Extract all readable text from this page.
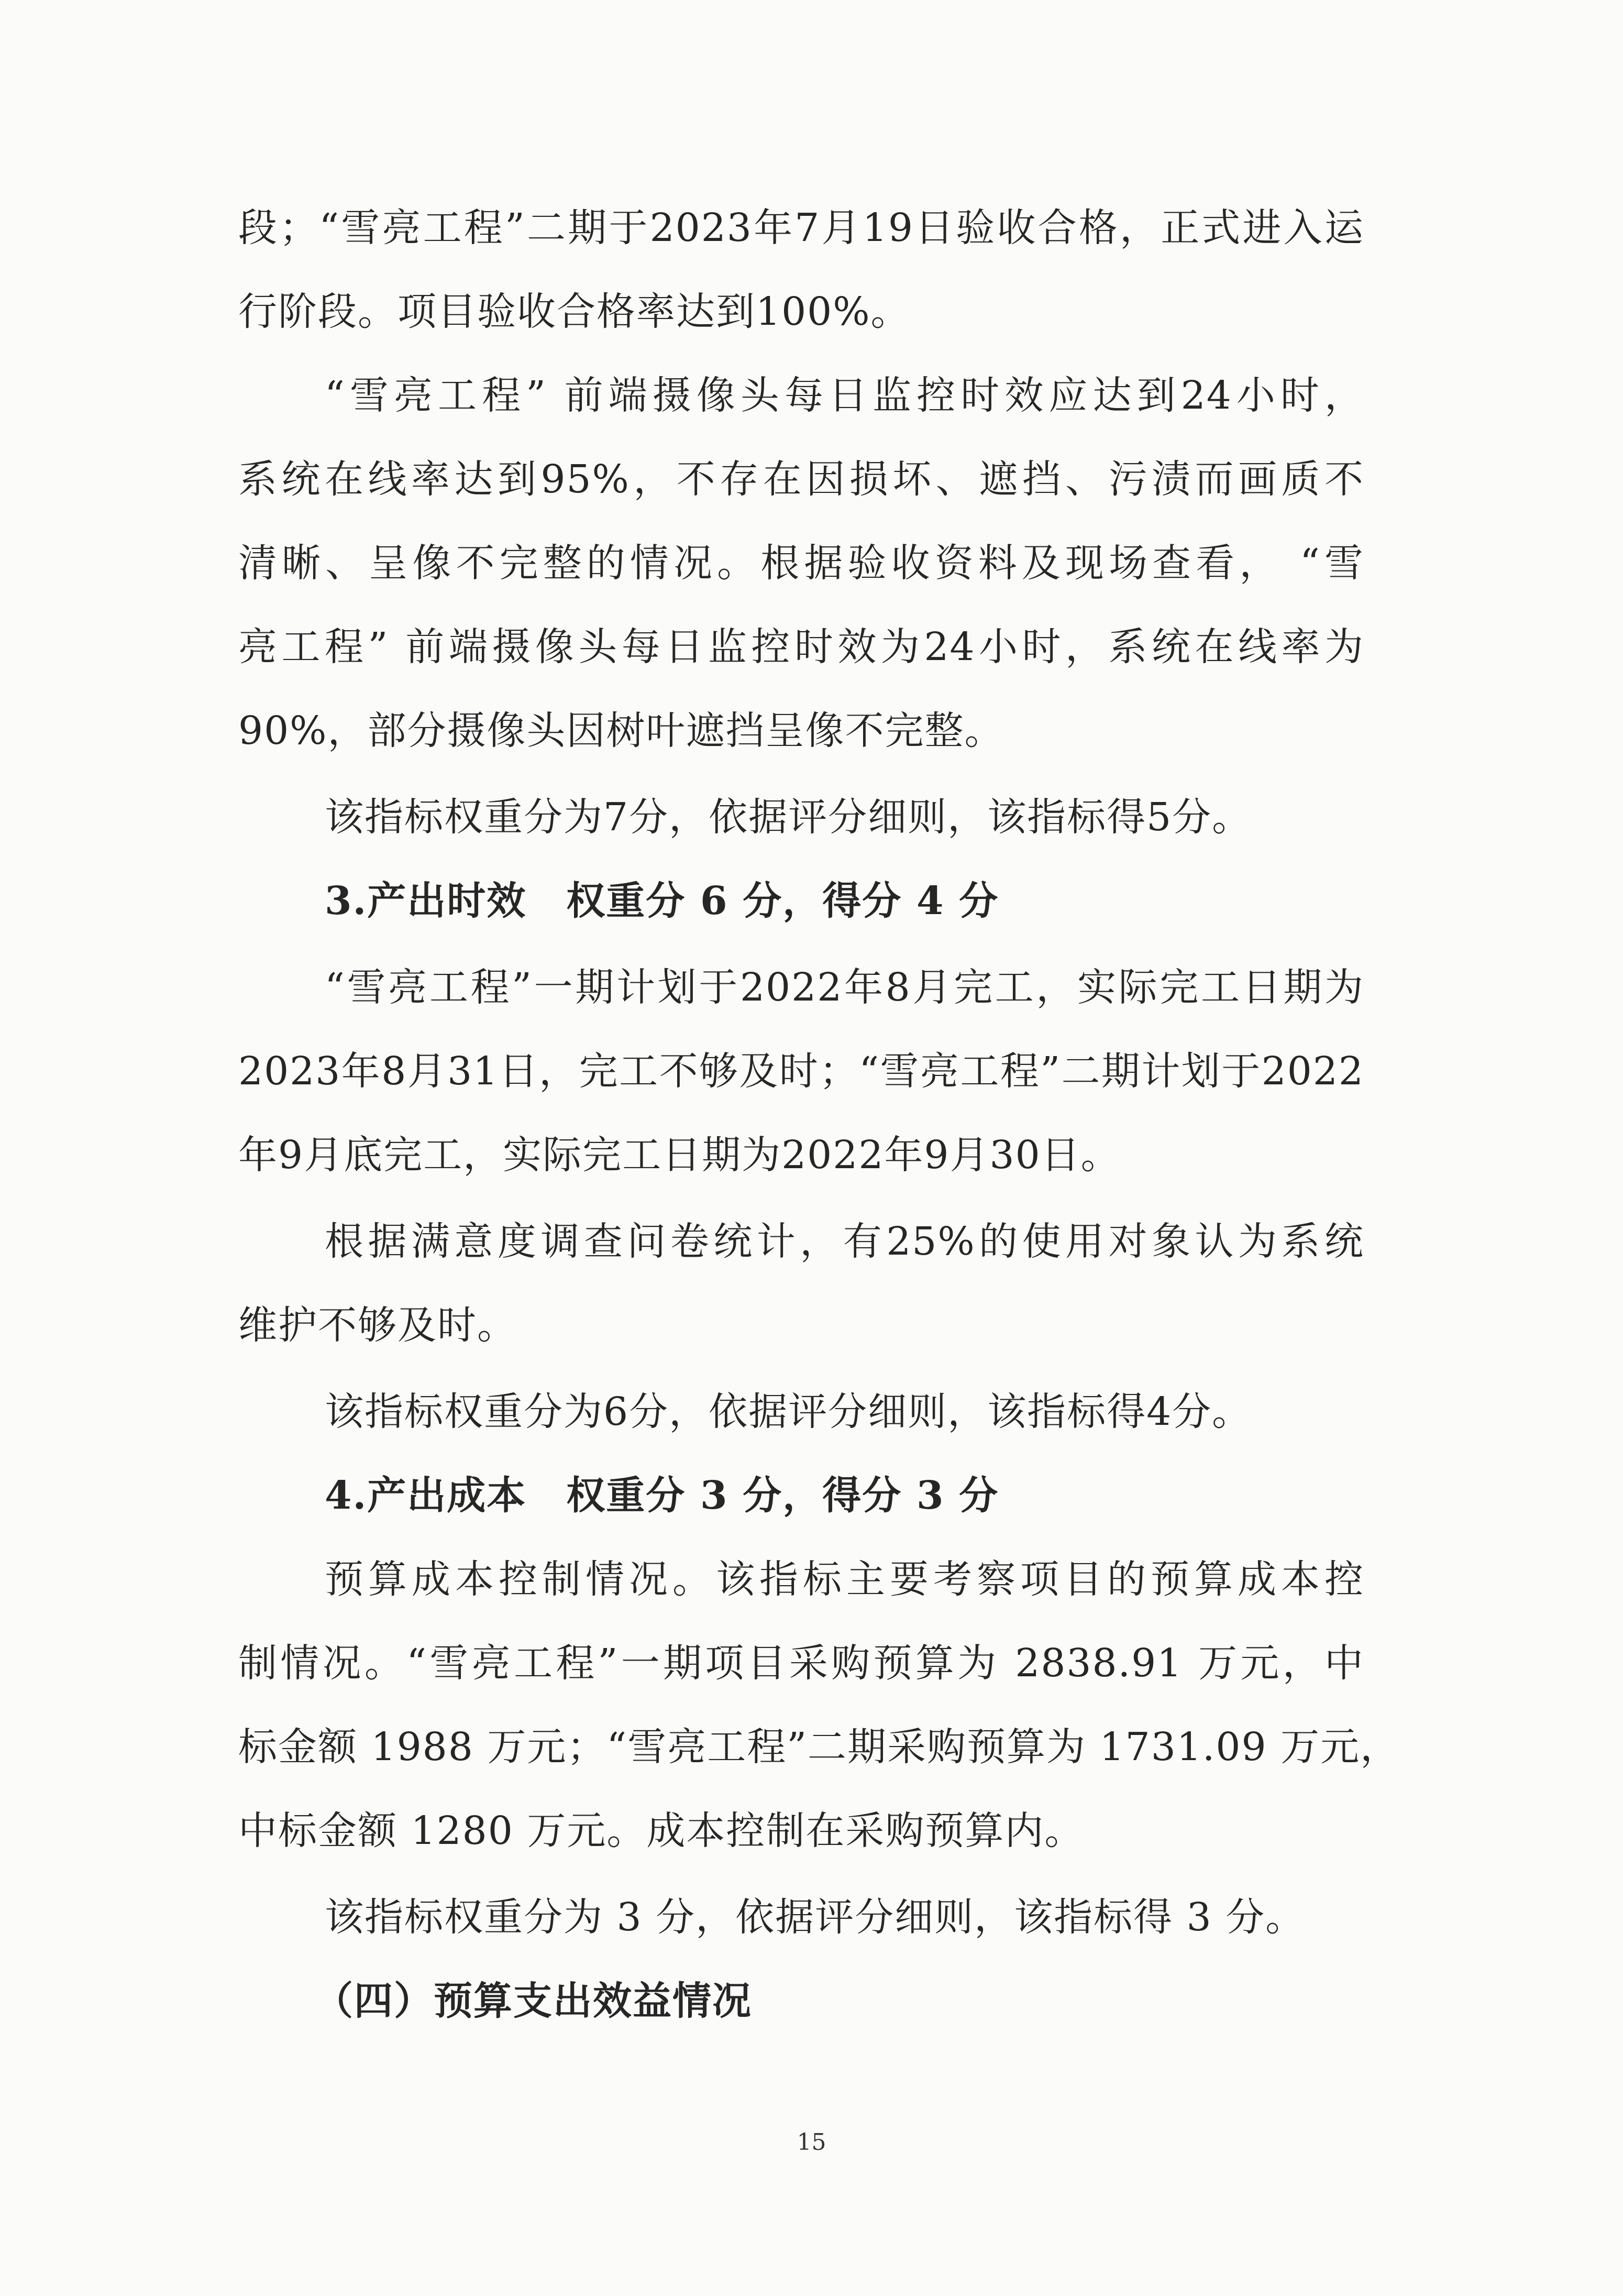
段；“雪亮工程”二期于2023年7月19日验收合格，正式进入运
行阶段。项目验收合格率达到100%。
“雪亮工程” 前端摄像头每日监控时效应达到24小时，
系统在线率达到95%，不存在因损坏、遮挡、污渍而画质不
清晰、呈像不完整的情况。根据验收资料及现场查看， “雪
亮工程” 前端摄像头每日监控时效为24小时，系统在线率为
90%，部分摄像头因树叶遮挡呈像不完整。
该指标权重分为7分，依据评分细则，该指标得5分。
3.产出时效　权重分 6 分，得分 4 分
“雪亮工程”一期计划于2022年8月完工，实际完工日期为
2023年8月31日，完工不够及时；“雪亮工程”二期计划于2022
年9月底完工，实际完工日期为2022年9月30日。
根据满意度调查问卷统计，有25%的使用对象认为系统
维护不够及时。
该指标权重分为6分，依据评分细则，该指标得4分。
4.产出成本　权重分 3 分，得分 3 分
预算成本控制情况。该指标主要考察项目的预算成本控
制情况。“雪亮工程”一期项目采购预算为 2838.91 万元，中
标金额 1988 万元；“雪亮工程”二期采购预算为 1731.09 万元，
中标金额 1280 万元。成本控制在采购预算内。
该指标权重分为 3 分，依据评分细则，该指标得 3 分。
（四）预算支出效益情况
15
